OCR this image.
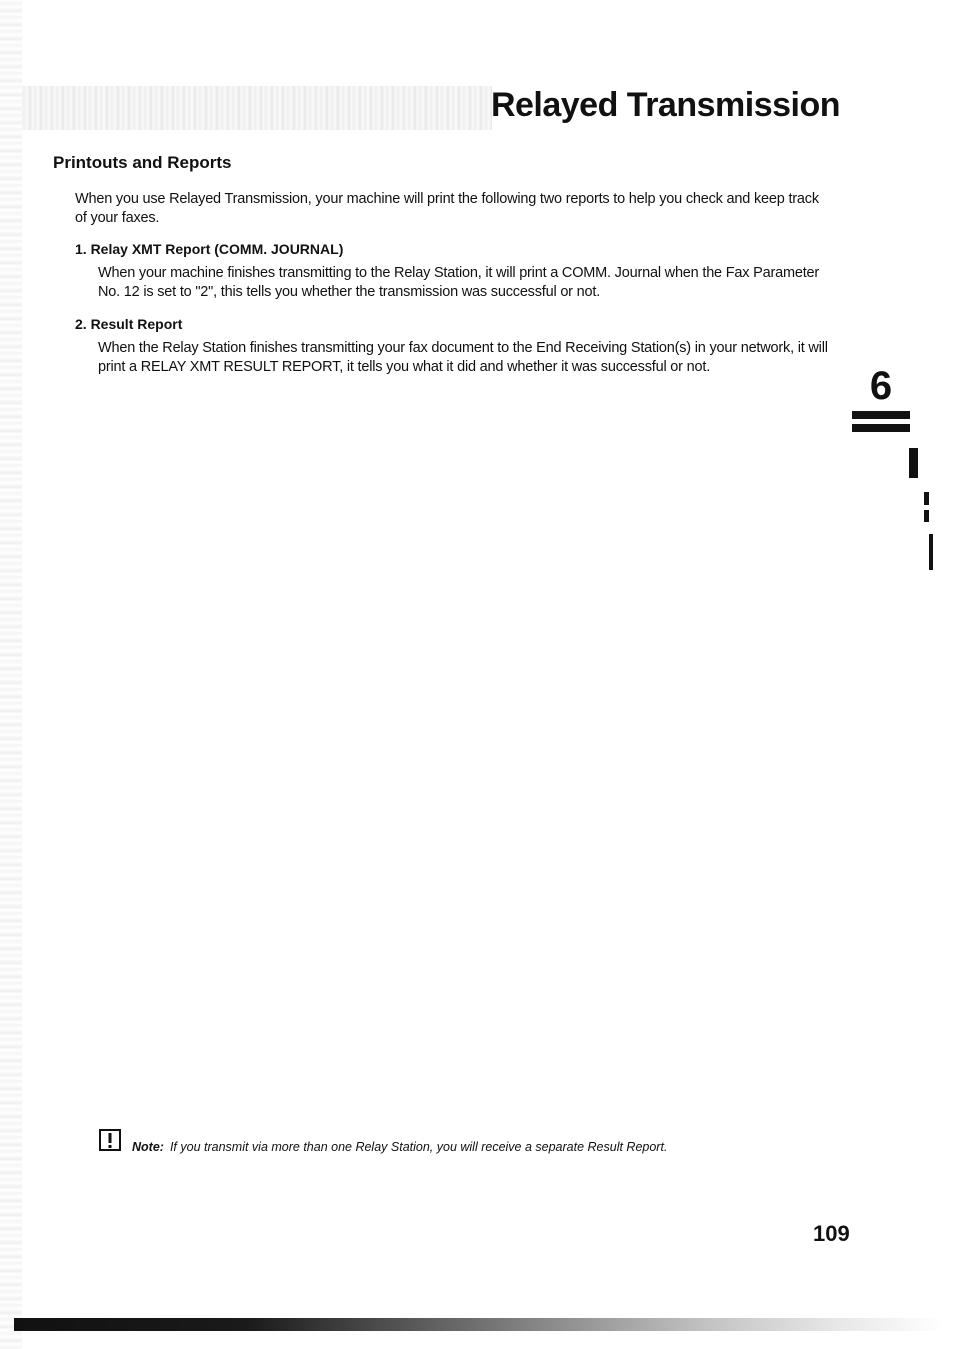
Relayed Transmission
Printouts and Reports

When you use Relayed Transmission, your machine will print the following two reports to help you check and keep track of your faxes.

1. Relay XMT Report (COMM. JOURNAL)

When your machine finishes transmitting to the Relay Station, it will print a COMM. Journal when the Fax Parameter No. 12 is set to "2", this tells you whether the transmission was successful or not.

2. Result Report

When the Relay Station finishes transmitting your fax document to the End Receiving Station(s) in your network, it will print a RELAY XMT RESULT REPORT, it tells you what it did and whether it was successful or not.	6

Note: If you transmit via more than one Relay Station, you will receive a separate Result Report.

109
